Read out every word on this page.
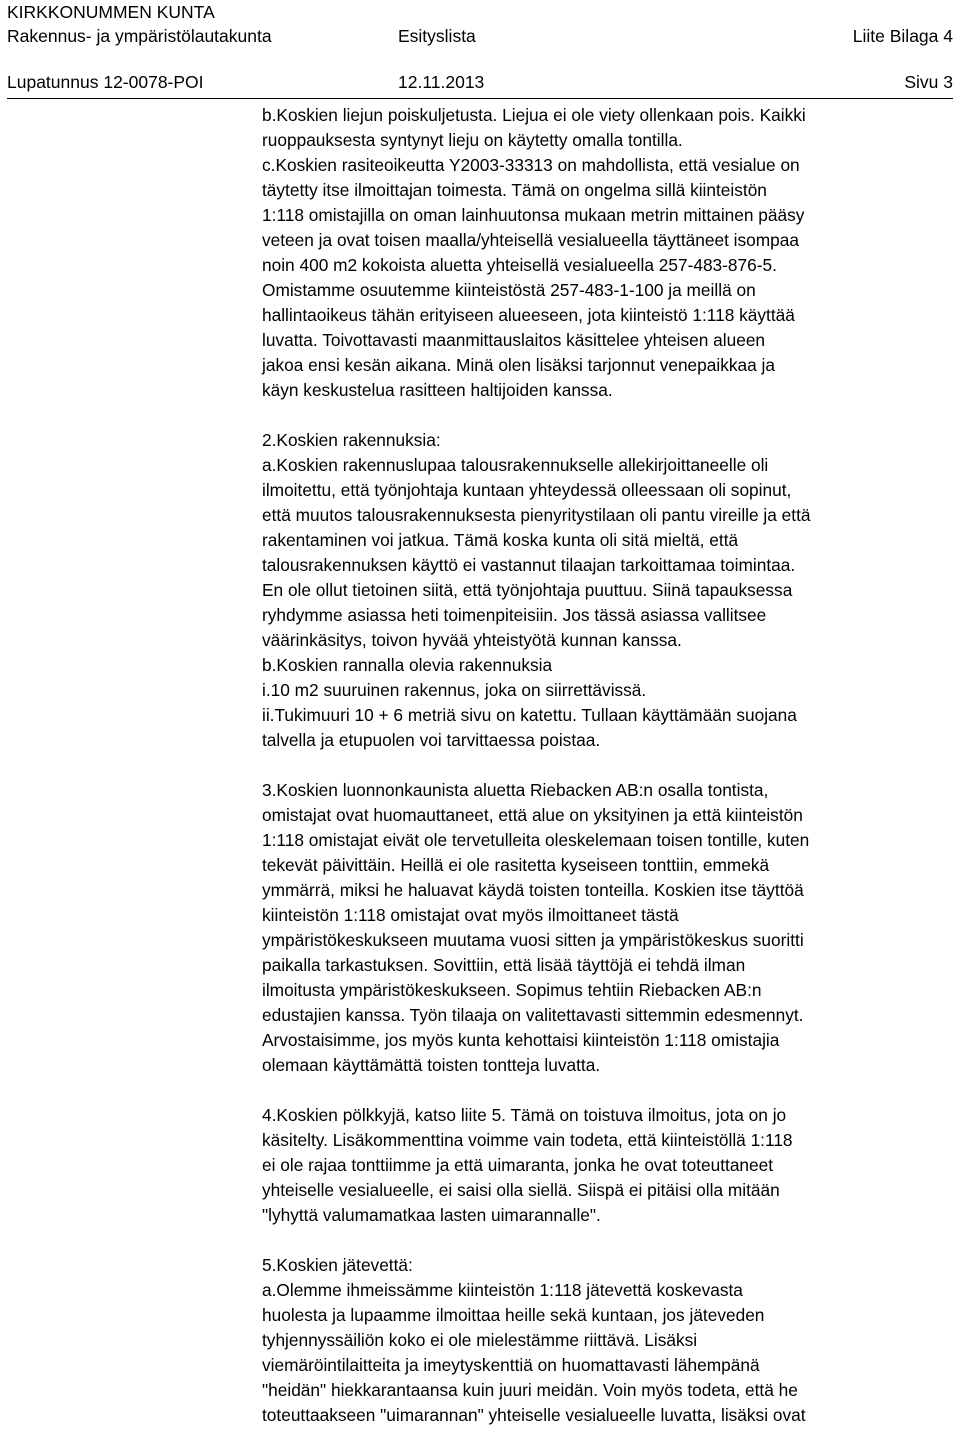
KIRKKONUMMEN KUNTA
Rakennus- ja ympäristölautakunta	Esityslista	Liite Bilaga 4
Lupatunnus 12-0078-POI	12.11.2013	Sivu 3
b.Koskien liejun poiskuljetusta. Liejua ei ole viety ollenkaan pois. Kaikki
ruoppauksesta syntynyt lieju on käytetty omalla tontilla.
c.Koskien rasiteoikeutta Y2003-33313 on mahdollista, että vesialue on
täytetty itse ilmoittajan toimesta. Tämä on ongelma sillä kiinteistön
1:118 omistajilla on oman lainhuutonsa mukaan metrin mittainen pääsy
veteen ja ovat toisen maalla/yhteisellä vesialueella täyttäneet isompaa
noin 400 m2 kokoista aluetta yhteisellä vesialueella 257-483-876-5.
Omistamme osuutemme kiinteistöstä 257-483-1-100 ja meillä on
hallintaoikeus tähän erityiseen alueeseen, jota kiinteistö 1:118 käyttää
luvatta. Toivottavasti maanmittauslaitos käsittelee yhteisen alueen
jakoa ensi kesän aikana. Minä olen lisäksi tarjonnut venepaikkaa ja
käyn keskustelua rasitteen haltijoiden kanssa.
2.Koskien rakennuksia:
a.Koskien rakennuslupaa talousrakennukselle allekirjoittaneelle oli
ilmoitettu, että työnjohtaja kuntaan yhteydessä olleessaan oli sopinut,
että muutos talousrakennuksesta pienyritystilaan oli pantu vireille ja että
rakentaminen voi jatkua. Tämä koska kunta oli sitä mieltä, että
talousrakennuksen käyttö ei vastannut tilaajan tarkoittamaa toimintaa.
En ole ollut tietoinen siitä, että työnjohtaja puuttuu. Siinä tapauksessa
ryhdymme asiassa heti toimenpiteisiin. Jos tässä asiassa vallitsee
väärinkäsitys, toivon hyvää yhteistyötä kunnan kanssa.
b.Koskien rannalla olevia rakennuksia
i.10 m2 suuruinen rakennus, joka on siirrettävissä.
ii.Tukimuuri 10 + 6 metriä sivu on katettu. Tullaan käyttämään suojana
talvella ja etupuolen voi tarvittaessa poistaa.
3.Koskien luonnonkaunista aluetta Riebacken AB:n osalla tontista,
omistajat ovat huomauttaneet, että alue on yksityinen ja että kiinteistön
1:118 omistajat eivät ole tervetulleita oleskelemaan toisen tontille, kuten
tekevät päivittäin. Heillä ei ole rasitetta kyseiseen tonttiin, emmekä
ymmärrä, miksi he haluavat käydä toisten tonteilla. Koskien itse täyttöä
kiinteistön 1:118 omistajat ovat myös ilmoittaneet tästä
ympäristökeskukseen muutama vuosi sitten ja ympäristökeskus suoritti
paikalla tarkastuksen. Sovittiin, että lisää täyttöjä ei tehdä ilman
ilmoitusta ympäristökeskukseen. Sopimus tehtiin Riebacken AB:n
edustajien kanssa. Työn tilaaja on valitettavasti sittemmin edesmennyt.
Arvostaisimme, jos myös kunta kehottaisi kiinteistön 1:118 omistajia
olemaan käyttämättä toisten tontteja luvatta.
4.Koskien pölkkyjä, katso liite 5. Tämä on toistuva ilmoitus, jota on jo
käsitelty. Lisäkommenttina voimme vain todeta, että kiinteistöllä 1:118
ei ole rajaa tonttiimme ja että uimaranta, jonka he ovat toteuttaneet
yhteiselle vesialueelle, ei saisi olla siellä. Siispä ei pitäisi olla mitään
"lyhyttä valumamatkaa lasten uimarannalle".
5.Koskien jätevettä:
a.Olemme ihmeissämme kiinteistön 1:118 jätevettä koskevasta
huolesta ja lupaamme ilmoittaa heille sekä kuntaan, jos jäteveden
tyhjennyssäiliön koko ei ole mielestämme riittävä. Lisäksi
viemäröintilaitteita ja imeytyskenttiä on huomattavasti lähempänä
"heidän" hiekkarantaansa kuin juuri meidän. Voin myös todeta, että he
toteuttaakseen "uimarannan" yhteiselle vesialueelle luvatta, lisäksi ovat
